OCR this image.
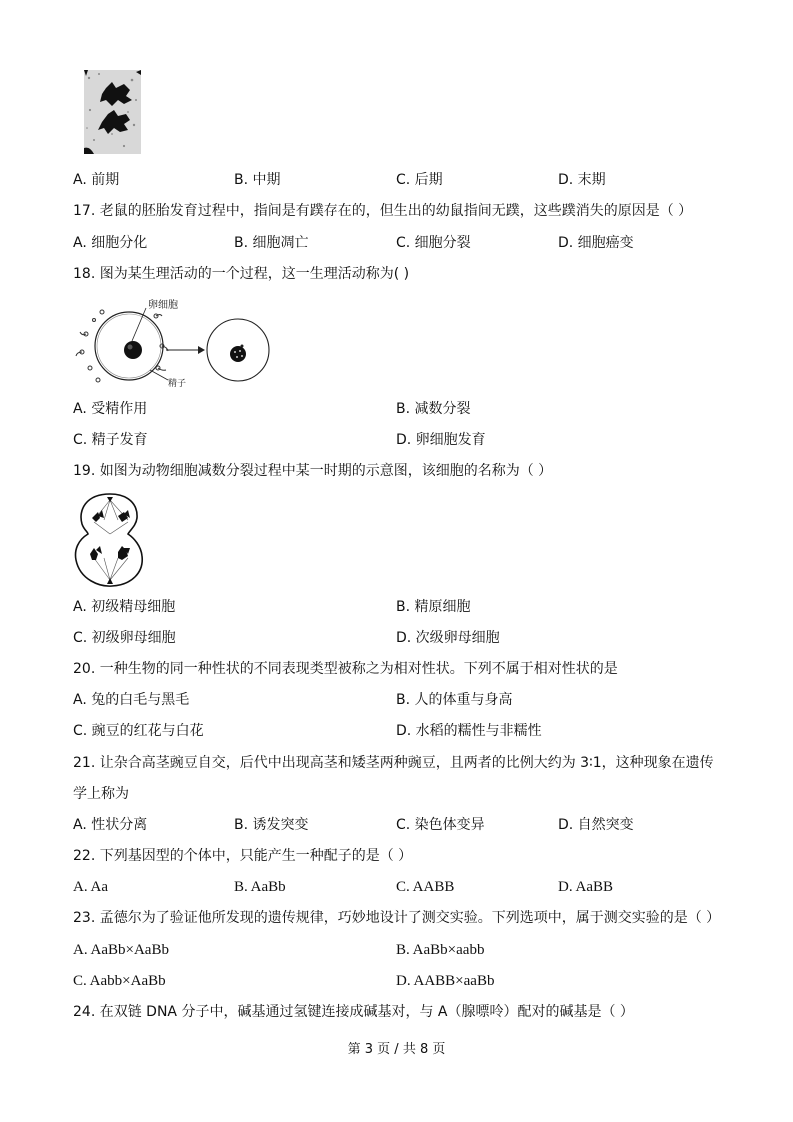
A. 前期	B. 中期	C. 后期	D. 末期
17. 老鼠的胚胎发育过程中，指间是有蹼存在的，但生出的幼鼠指间无蹼，这些蹼消失的原因是（ ）
A. 细胞分化	B. 细胞凋亡	C. 细胞分裂	D. 细胞癌变
18. 图为某生理活动的一个过程，这一生理活动称为( )
卵细胞
精子
A. 受精作用	B. 减数分裂
C. 精子发育	D. 卵细胞发育
19. 如图为动物细胞减数分裂过程中某一时期的示意图，该细胞的名称为（ ）
A. 初级精母细胞	B. 精原细胞
C. 初级卵母细胞	D. 次级卵母细胞
20. 一种生物的同一种性状的不同表现类型被称之为相对性状。下列不属于相对性状的是
A. 兔的白毛与黑毛	B. 人的体重与身高
C. 豌豆的红花与白花	D. 水稻的糯性与非糯性
21. 让杂合高茎豌豆自交，后代中出现高茎和矮茎两种豌豆，且两者的比例大约为 3∶1，这种现象在遗传
学上称为
A. 性状分离	B. 诱发突变	C. 染色体变异	D. 自然突变
22. 下列基因型的个体中，只能产生一种配子的是（ ）
A. Aa	B. AaBb	C. AABB	D. AaBB
23. 孟德尔为了验证他所发现的遗传规律，巧妙地设计了测交实验。下列选项中，属于测交实验的是（ ）
A. AaBb×AaBb	B. AaBb×aabb
C. Aabb×AaBb	D. AABB×aaBb
24. 在双链 DNA 分子中，碱基通过氢键连接成碱基对，与 A（腺嘌呤）配对的碱基是（ ）
第 3 页 / 共 8 页
